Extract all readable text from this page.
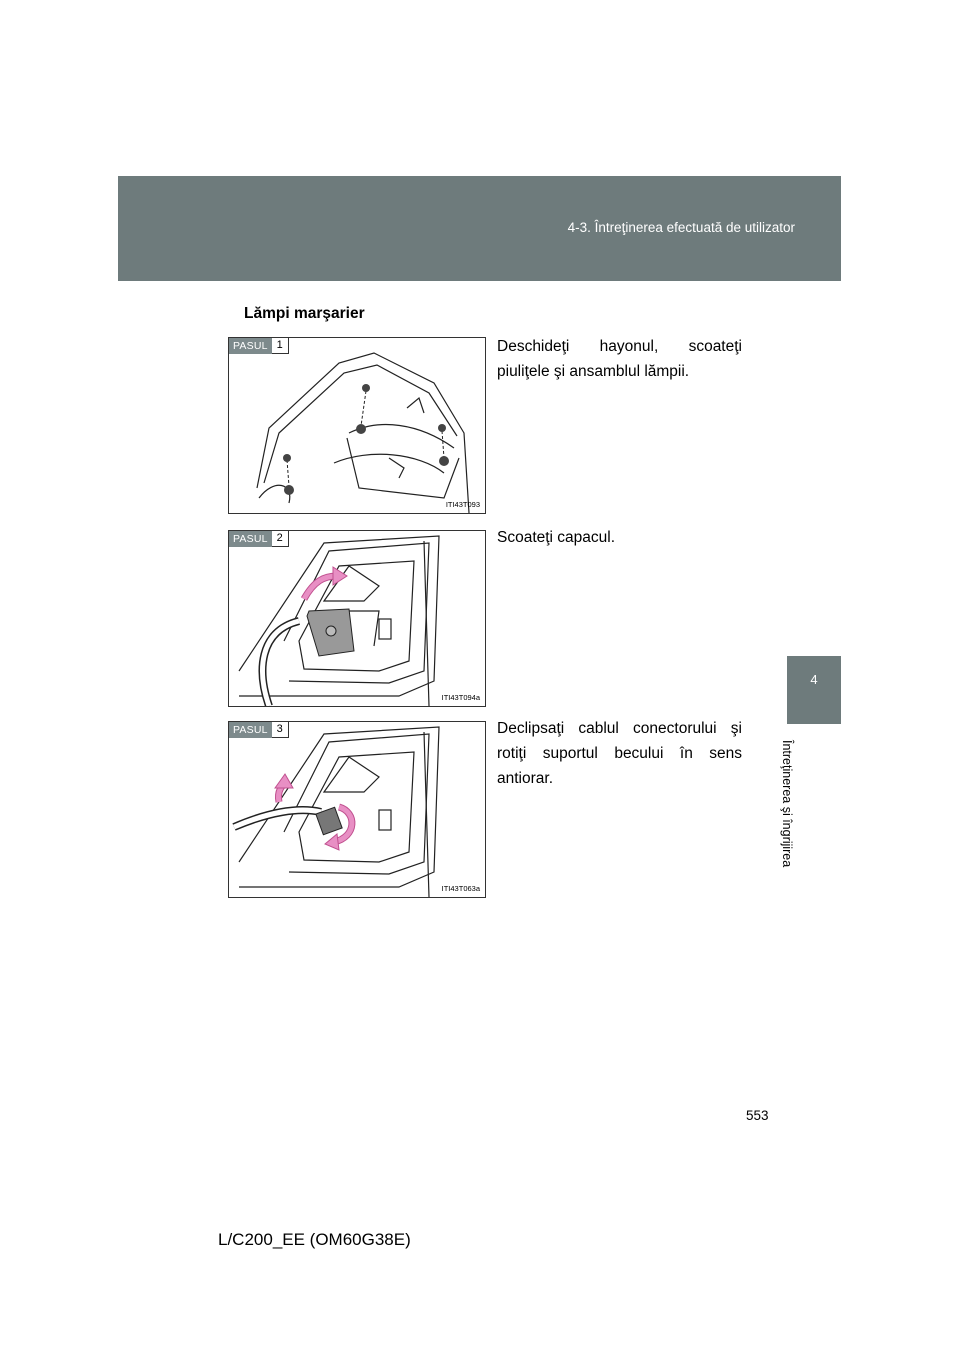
4-3. Întreţinerea efectuată de utilizator
4
Întreţinerea şi îngrijirea
Lămpi marşarier
PASUL 1
ITI43T093
Deschideţi hayonul, scoateţi piuliţele şi ansamblul lămpii.
PASUL 2
ITI43T094a
Scoateţi capacul.
PASUL 3
ITI43T063a
Declipsaţi cablul conectorului şi rotiţi suportul becului în sens antiorar.
553
L/C200_EE (OM60G38E)
